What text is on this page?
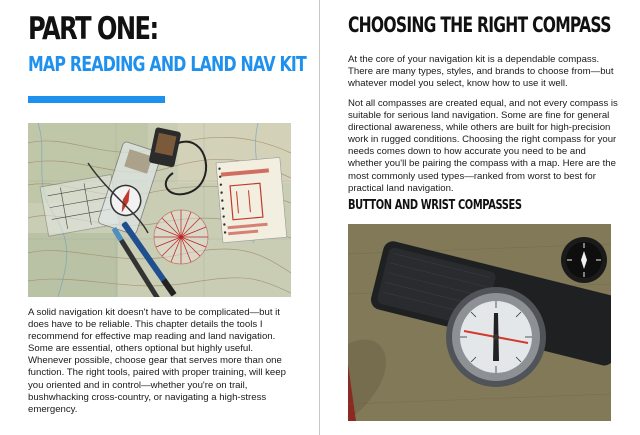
PART ONE:
MAP READING AND LAND NAV KIT
A solid navigation kit doesn't have to be complicated—but it does have to be reliable. This chapter details the tools I recommend for effective map reading and land navigation. Some are essential, others optional but highly useful. Whenever possible, choose gear that serves more than one function. The right tools, paired with proper training, will keep you oriented and in control—whether you're on trail, bushwhacking cross-country, or navigating a high-stress emergency.
CHOOSING THE RIGHT COMPASS
At the core of your navigation kit is a dependable compass. There are many types, styles, and brands to choose from—but whatever model you select, know how to use it well.
Not all compasses are created equal, and not every compass is suitable for serious land navigation. Some are fine for general directional awareness, while others are built for high-precision work in rugged conditions. Choosing the right compass for your needs comes down to how accurate you need to be and whether you'll be pairing the compass with a map. Here are the most commonly used types—ranked from worst to best for practical land navigation.
BUTTON AND WRIST COMPASSES
